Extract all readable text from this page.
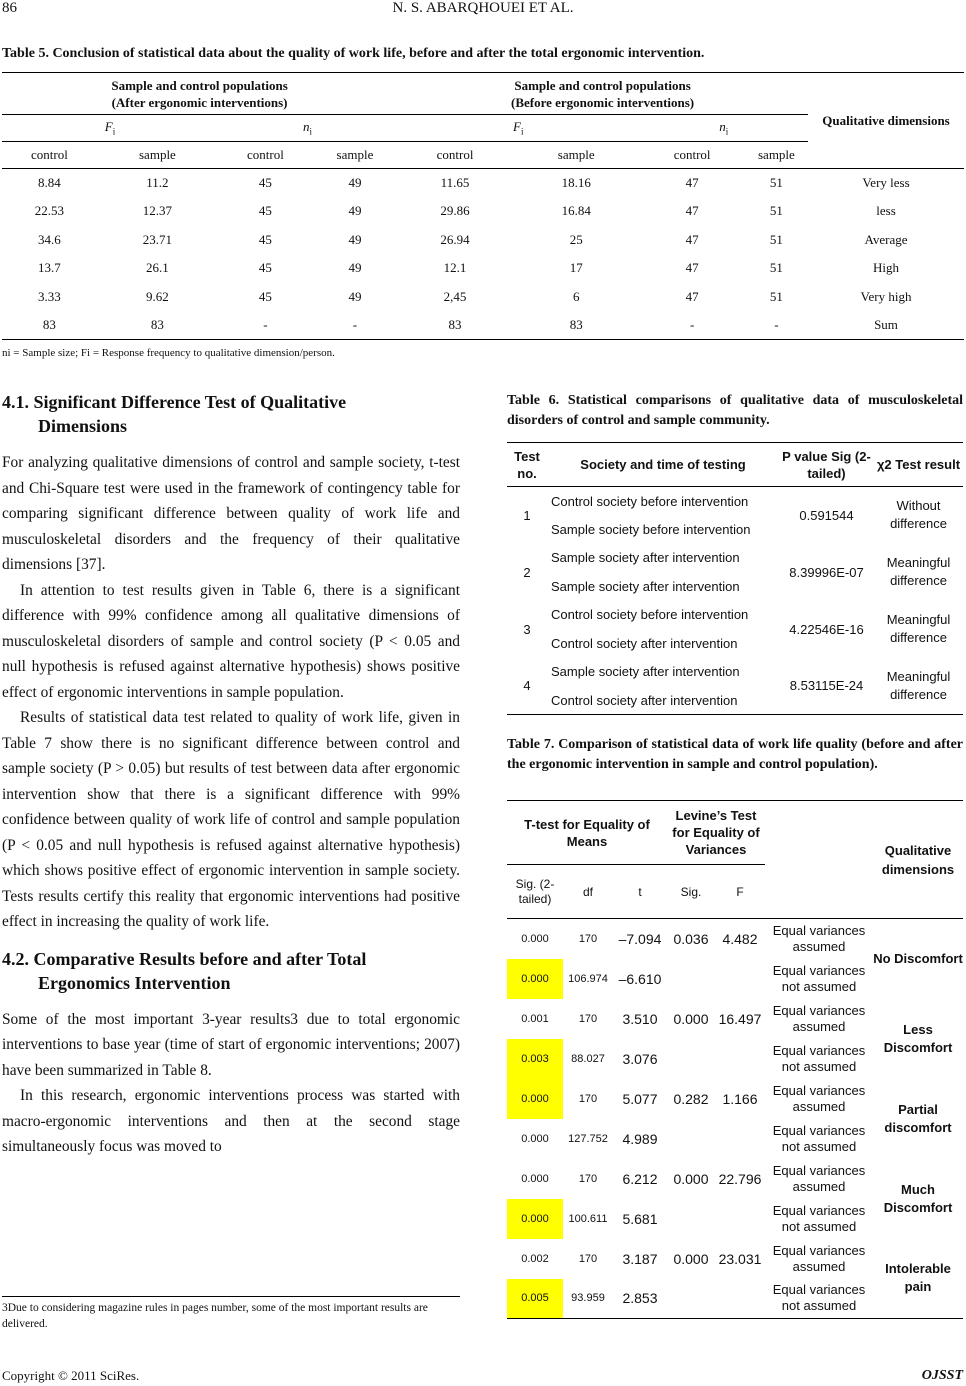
86	N. S. ABARQHOUEI ET AL.
Table 5. Conclusion of statistical data about the quality of work life, before and after the total ergonomic intervention.
Sample and control populations
(After ergonomic interventions)				Sample and control populations
(Before ergonomic interventions)				Qualitative dimensions
$F_i$		$n_i$		$F_i$		$n_i$
control	sample	control	sample	control	sample	control	sample	
8.84	11.2	45	49	11.65	18.16	47	51	Very less
22.53	12.37	45	49	29.86	16.84	47	51	less
34.6	23.71	45	49	26.94	25	47	51	Average
13.7	26.1	45	49	12.1	17	47	51	High
3.33	9.62	45	49	2,45	6	47	51	Very high
83	83	-	-	83	83	-	-	Sum
ni = Sample size; Fi = Response frequency to qualitative dimension/person.
4.1. Significant Difference Test of Qualitative
Dimensions

For analyzing qualitative dimensions of control and sample society, t-test and Chi-Square test were used in the framework of contingency table for comparing significant difference between quality of work life and musculoskeletal disorders and the frequency of their qualitative dimensions [37].

In attention to test results given in Table 6, there is a significant difference with 99% confidence among all qualitative dimensions of musculoskeletal disorders of sample and control society (P < 0.05 and null hypothesis is refused against alternative hypothesis) shows positive effect of ergonomic interventions in sample population.

Results of statistical data test related to quality of work life, given in Table 7 show there is no significant difference between control and sample society (P > 0.05) but results of test between data after ergonomic intervention show that there is a significant difference with 99% confidence between quality of work life of control and sample population (P < 0.05 and null hypothesis is refused against alternative hypothesis) which shows positive effect of ergonomic intervention in sample society. Tests results certify this reality that ergonomic interventions had positive effect in increasing the quality of work life.

4.2. Comparative Results before and after Total
Ergonomics Intervention

Some of the most important 3-year results3 due to total ergonomic interventions to base year (time of start of ergonomic interventions; 2007) have been summarized in Table 8.

In this research, ergonomic interventions process was started with macro-ergonomic interventions and then at the second stage simultaneously focus was moved to

3Due to considering magazine rules in pages number, some of the most important results are delivered.
Table 6. Statistical comparisons of qualitative data of musculoskeletal disorders of control and sample community.
Test no.	Society and time of testing	P value Sig (2-tailed)	χ2 Test result
1	Control society before intervention	0.591544	Without difference
	Sample society before intervention		
2	Sample society after intervention	8.39996E-07	Meaningful difference
	Sample society after intervention		
3	Control society before intervention	4.22546E-16	Meaningful difference
	Control society after intervention		
4	Sample society after intervention	8.53115E-24	Meaningful difference
	Control society after intervention		
Table 7. Comparison of statistical data of work life quality (before and after the ergonomic intervention in sample and control population).
T-test for Equality of Means			Levine’s Test for Equality of Variances			Qualitative dimensions
Sig. (2-tailed)	df	t	Sig.	F		
0.000	170	–7.094	0.036	4.482	Equal variances assumed	No Discomfort
0.000	106.974	–6.610			Equal variances not assumed	
0.001	170	3.510	0.000	16.497	Equal variances assumed	Less Discomfort
0.003	88.027	3.076			Equal variances not assumed	
0.000	170	5.077	0.282	1.166	Equal variances assumed	Partial discomfort
0.000	127.752	4.989			Equal variances not assumed	
0.000	170	6.212	0.000	22.796	Equal variances assumed	Much Discomfort
0.000	100.611	5.681			Equal variances not assumed	
0.002	170	3.187	0.000	23.031	Equal variances assumed	Intolerable pain
0.005	93.959	2.853			Equal variances not assumed	
Copyright © 2011 SciRes.	OJSST
